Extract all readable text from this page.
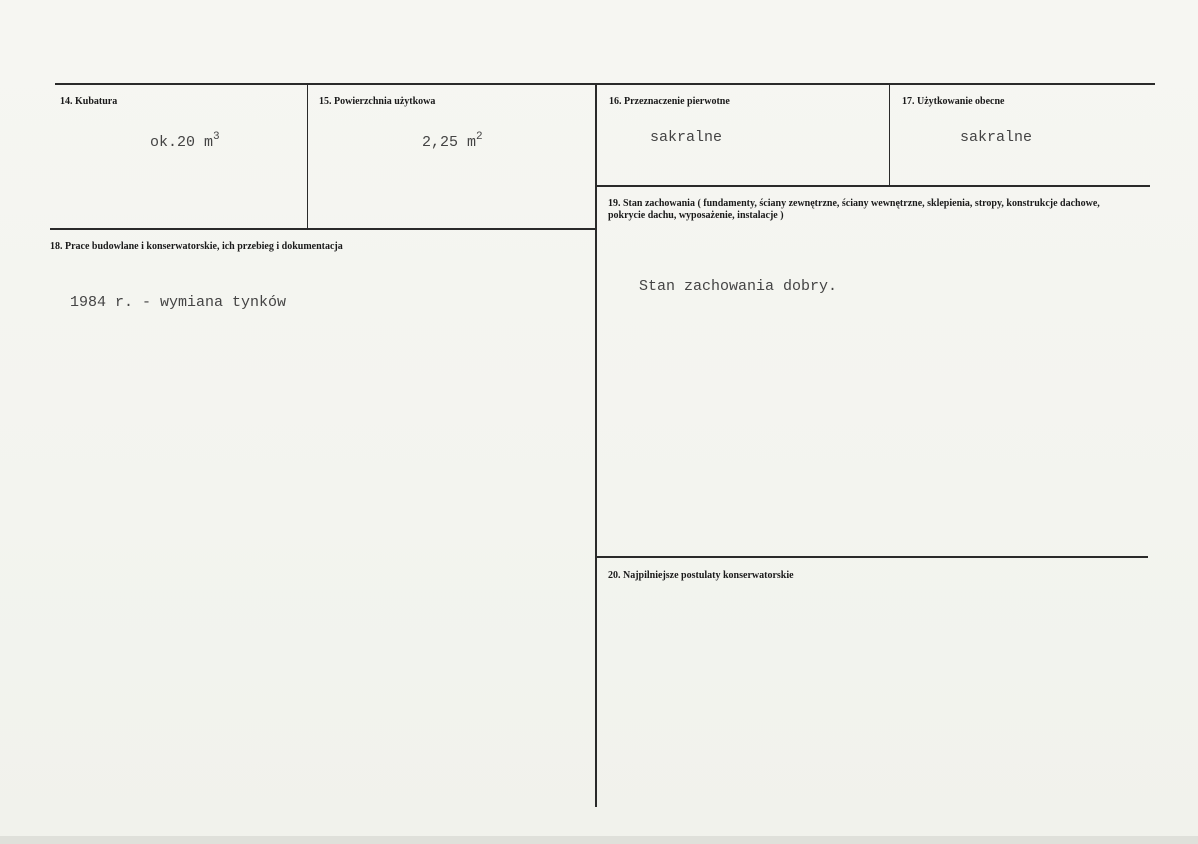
14. Kubatura
ok.20 $m^3$
15. Powierzchnia użytkowa
2,25 $m^2$
16. Przeznaczenie pierwotne
sakralne
17. Użytkowanie obecne
sakralne
18. Prace budowlane i konserwatorskie, ich przebieg i dokumentacja
1984 r. - wymiana tynków
19. Stan zachowania ( fundamenty, ściany zewnętrzne, ściany wewnętrzne, sklepienia, stropy, konstrukcje dachowe, pokrycie dachu, wyposażenie, instalacje )
Stan zachowania dobry.
20. Najpilniejsze postulaty konserwatorskie
